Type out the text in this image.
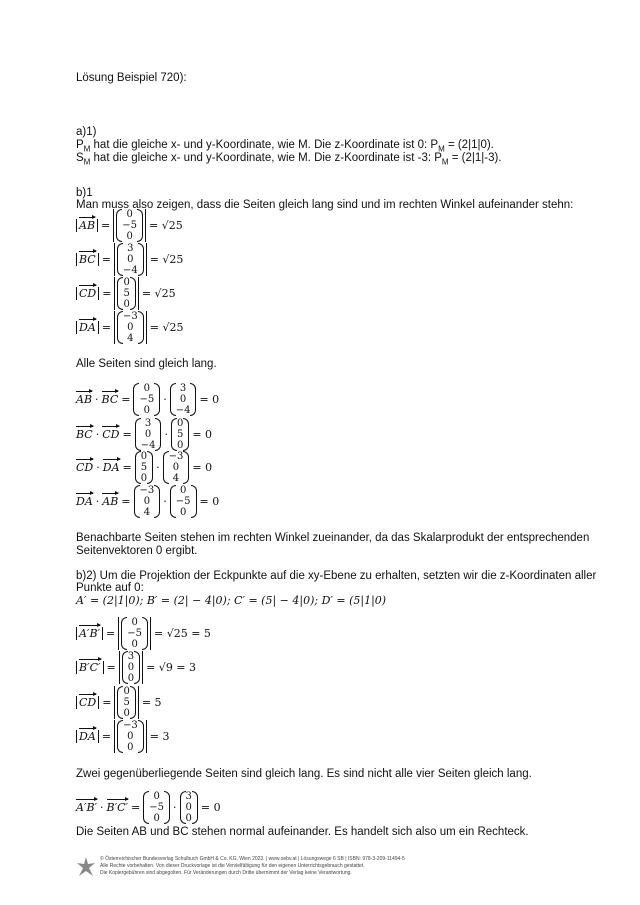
Lösung Beispiel 720):
a)1)
$P_M$ hat die gleiche x- und y-Koordinate, wie M. Die z-Koordinate ist 0: $P_M = (2|1|0)$.
$S_M$ hat die gleiche x- und y-Koordinate, wie M. Die z-Koordinate ist -3: $P_M = (2|1|-3)$.
b)1
Man muss also zeigen, dass die Seiten gleich lang sind und im rechten Winkel aufeinander stehn:
AB =
0
−5
0
= √25
BC =
3
0
−4
= √25
CD =
0
5
0
= √25
DA =
−3
0
4
= √25
Alle Seiten sind gleich lang.
AB · BC =
0
−5
0
·
3
0
−4
= 0
BC · CD =
3
0
−4
·
0
5
0
= 0
CD · DA =
0
5
0
·
−3
0
4
= 0
DA · AB =
−3
0
4
·
0
−5
0
= 0
Benachbarte Seiten stehen im rechten Winkel zueinander, da das Skalarprodukt der entsprechenden
Seitenvektoren 0 ergibt.
b)2) Um die Projektion der Eckpunkte auf die xy-Ebene zu erhalten, setzten wir die z-Koordinaten aller
Punkte auf 0:
A′ = (2|1|0); B′ = (2| − 4|0); C′ = (5| − 4|0); D′ = (5|1|0)
A′B′ =
0
−5
0
= √25 = 5
B′C′ =
3
0
0
= √9 = 3
CD =
0
5
0
= 5
DA =
−3
0
0
= 3
Zwei gegenüberliegende Seiten sind gleich lang. Es sind nicht alle vier Seiten gleich lang.
A′B′ · B′C′ =
0
−5
0
·
3
0
0
= 0
Die Seiten AB und BC stehen normal aufeinander. Es handelt sich also um ein Rechteck.
© Österreichischer Bundesverlag Schulbuch GmbH & Co. KG, Wien 2023. | www.oebv.at | Lösungswege 6 SB | ISBN: 978-3-209-11494-5
Alle Rechte vorbehalten. Von dieser Druckvorlage ist die Vervielfältigung für den eigenen Unterrichtsgebrauch gestattet.
Die Kopiergebühren sind abgegolten. Für Veränderungen durch Dritte übernimmt der Verlag keine Verantwortung.
